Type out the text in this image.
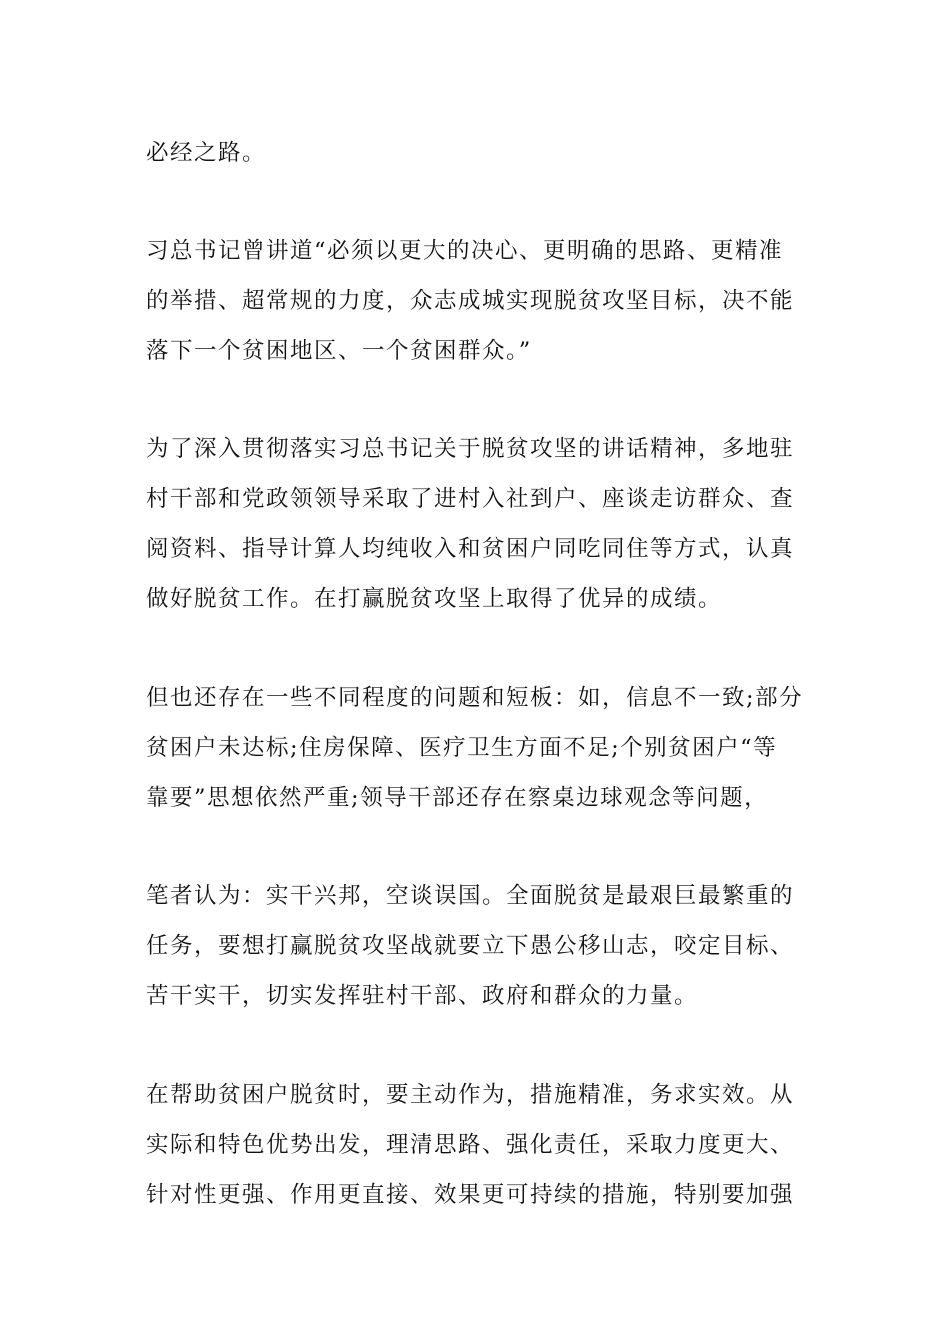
必经之路。
习总书记曾讲道“必须以更大的决心、更明确的思路、更精准
的举措、超常规的力度，众志成城实现脱贫攻坚目标，决不能
落下一个贫困地区、一个贫困群众。”
为了深入贯彻落实习总书记关于脱贫攻坚的讲话精神，多地驻
村干部和党政领领导采取了进村入社到户、座谈走访群众、查
阅资料、指导计算人均纯收入和贫困户同吃同住等方式，认真
做好脱贫工作。在打赢脱贫攻坚上取得了优异的成绩。
但也还存在一些不同程度的问题和短板：如，信息不一致;部分
贫困户未达标;住房保障、医疗卫生方面不足;个别贫困户“等
靠要”思想依然严重;领导干部还存在察桌边球观念等问题，
笔者认为：实干兴邦，空谈误国。全面脱贫是最艰巨最繁重的
任务，要想打赢脱贫攻坚战就要立下愚公移山志，咬定目标、
苦干实干，切实发挥驻村干部、政府和群众的力量。
在帮助贫困户脱贫时，要主动作为，措施精准，务求实效。从
实际和特色优势出发，理清思路、强化责任，采取力度更大、
针对性更强、作用更直接、效果更可持续的措施，特别要加强
